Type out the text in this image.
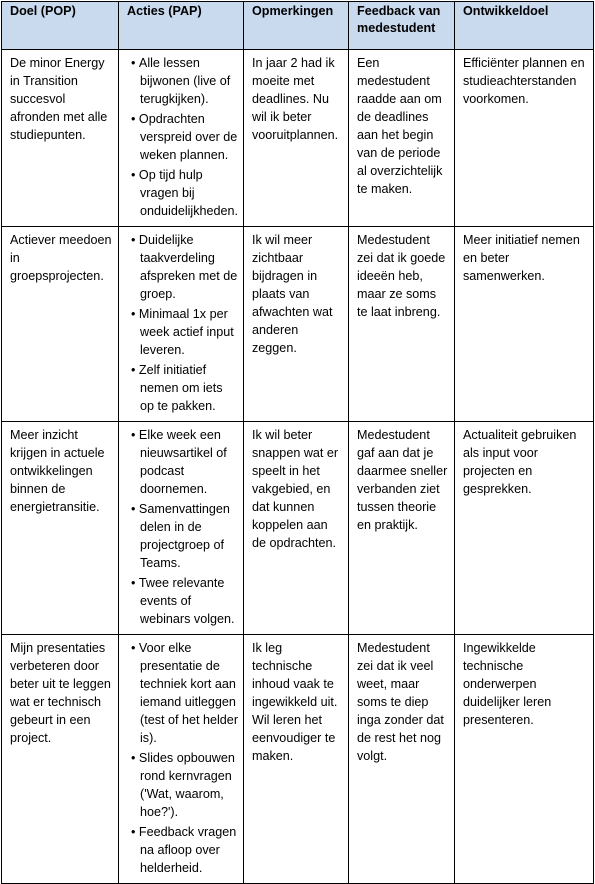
Doel (POP)	Acties (PAP)	Opmerkingen	Feedback van medestudent	Ontwikkeldoel
De minor Energy in Transition succesvol afronden met alle studiepunten.	• Alle lessen bijwonen (live of terugkijken).
• Opdrachten verspreid over de weken plannen.
• Op tijd hulp vragen bij onduidelijkheden.	In jaar 2 had ik moeite met deadlines. Nu wil ik beter vooruitplannen.	Een medestudent raadde aan om de deadlines aan het begin van de periode al overzichtelijk te maken.	Efficiënter plannen en studieachterstanden voorkomen.
Actiever meedoen in groepsprojecten.	• Duidelijke taakverdeling afspreken met de groep.
• Minimaal 1x per week actief input leveren.
• Zelf initiatief nemen om iets op te pakken.	Ik wil meer zichtbaar bijdragen in plaats van afwachten wat anderen zeggen.	Medestudent zei dat ik goede ideeën heb, maar ze soms te laat inbreng.	Meer initiatief nemen en beter samenwerken.
Meer inzicht krijgen in actuele ontwikkelingen binnen de energietransitie.	• Elke week een nieuwsartikel of podcast doornemen.
• Samenvattingen delen in de projectgroep of Teams.
• Twee relevante events of webinars volgen.	Ik wil beter snappen wat er speelt in het vakgebied, en dat kunnen koppelen aan de opdrachten.	Medestudent gaf aan dat je daarmee sneller verbanden ziet tussen theorie en praktijk.	Actualiteit gebruiken als input voor projecten en gesprekken.
Mijn presentaties verbeteren door beter uit te leggen wat er technisch gebeurt in een project.	• Voor elke presentatie de techniek kort aan iemand uitleggen (test of het helder is).
• Slides opbouwen rond kernvragen ('Wat, waarom, hoe?').
• Feedback vragen na afloop over helderheid.	Ik leg technische inhoud vaak te ingewikkeld uit. Wil leren het eenvoudiger te maken.	Medestudent zei dat ik veel weet, maar soms te diep inga zonder dat de rest het nog volgt.	Ingewikkelde technische onderwerpen duidelijker leren presenteren.
